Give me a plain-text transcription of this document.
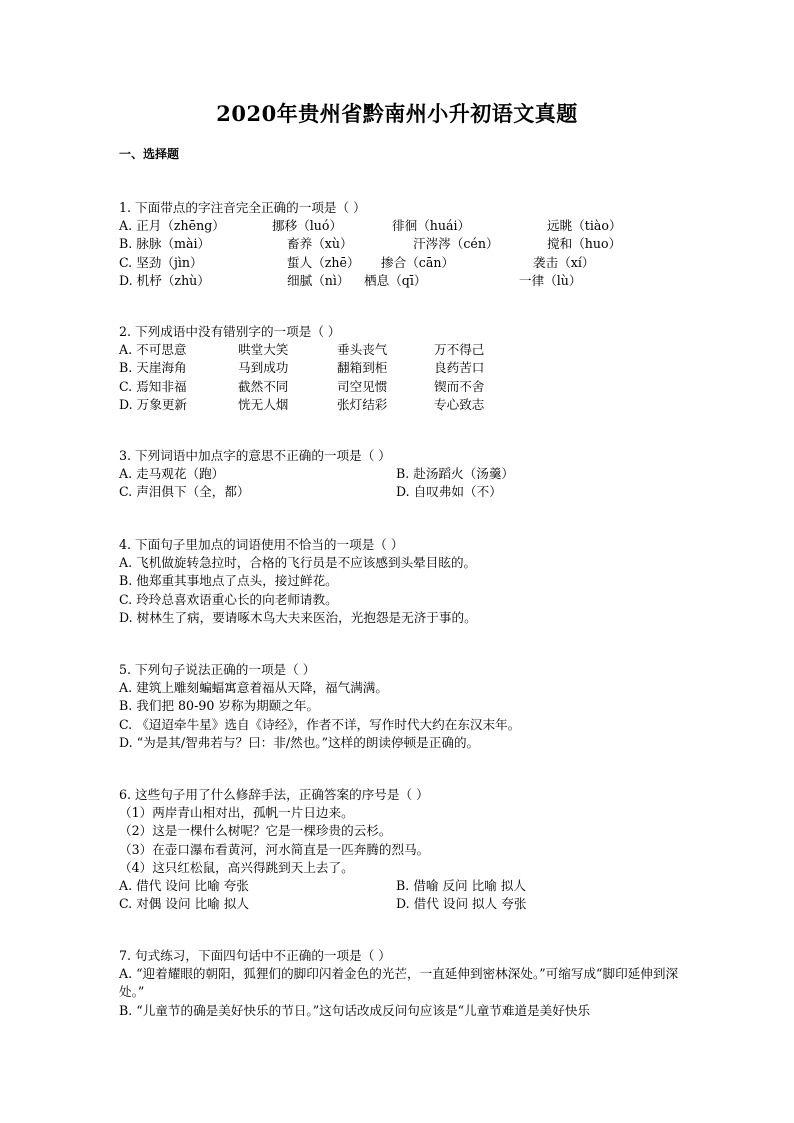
2020年贵州省黔南州小升初语文真题
一、选择题
1. 下面带点的字注音完全正确的一项是（ ）
A. 正月（zhēng）	挪移（luó）	徘徊（huái）	远眺（tiào）
B. 脉脉（mài）	畜养（xù）	汗涔涔（cén）	搅和（huo）
C. 坚劲（jìn）	蜇人（zhē） 掺合（cān）	袭击（xí）
D. 机杼（zhù）	细腻（nì） 栖息（qī）	一律（lù）
2. 下列成语中没有错别字的一项是（ ）
A. 不可思意	哄堂大笑	垂头丧气	万不得己
B. 天崖海角	马到成功	翻箱到柜	良药苦口
C. 焉知非福	截然不同	司空见惯	锲而不舍
D. 万象更新	恍无人烟	张灯结彩	专心致志
3. 下列词语中加点字的意思不正确的一项是（ ）
A. 走马观花（跑）	B. 赴汤蹈火（汤羹）
C. 声泪俱下（全，都）	D. 自叹弗如（不）
4. 下面句子里加点的词语使用不恰当的一项是（ ）
A. 飞机做旋转急拉时，合格的飞行员是不应该感到头晕目眩的。
B. 他郑重其事地点了点头，接过鲜花。
C. 玲玲总喜欢语重心长的向老师请教。
D. 树林生了病，要请啄木鸟大夫来医治，光抱怨是无济于事的。
5. 下列句子说法正确的一项是（ ）
A. 建筑上雕刻蝙蝠寓意着福从天降，福气满满。
B. 我们把 80-90 岁称为期颐之年。
C. 《迢迢牵牛星》选自《诗经》，作者不详，写作时代大约在东汉末年。
D. “为是其/智弗若与？曰：非/然也。”这样的朗读停顿是正确的。
6. 这些句子用了什么修辞手法，正确答案的序号是（ ）
（1）两岸青山相对出，孤帆一片日边来。
（2）这是一棵什么树呢？它是一棵珍贵的云杉。
（3）在壶口瀑布看黄河，河水简直是一匹奔腾的烈马。
（4）这只红松鼠，高兴得跳到天上去了。
A. 借代 设问 比喻 夸张	B. 借喻 反问 比喻 拟人
C. 对偶 设问 比喻 拟人	D. 借代 设问 拟人 夸张
7. 句式练习，下面四句话中不正确的一项是（ ）
A. “迎着耀眼的朝阳，狐狸们的脚印闪着金色的光芒，一直延伸到密林深处。”可缩写成“脚印延伸到深处。”
B. “儿童节的确是美好快乐的节日。”这句话改成反问句应该是“儿童节难道是美好快乐
